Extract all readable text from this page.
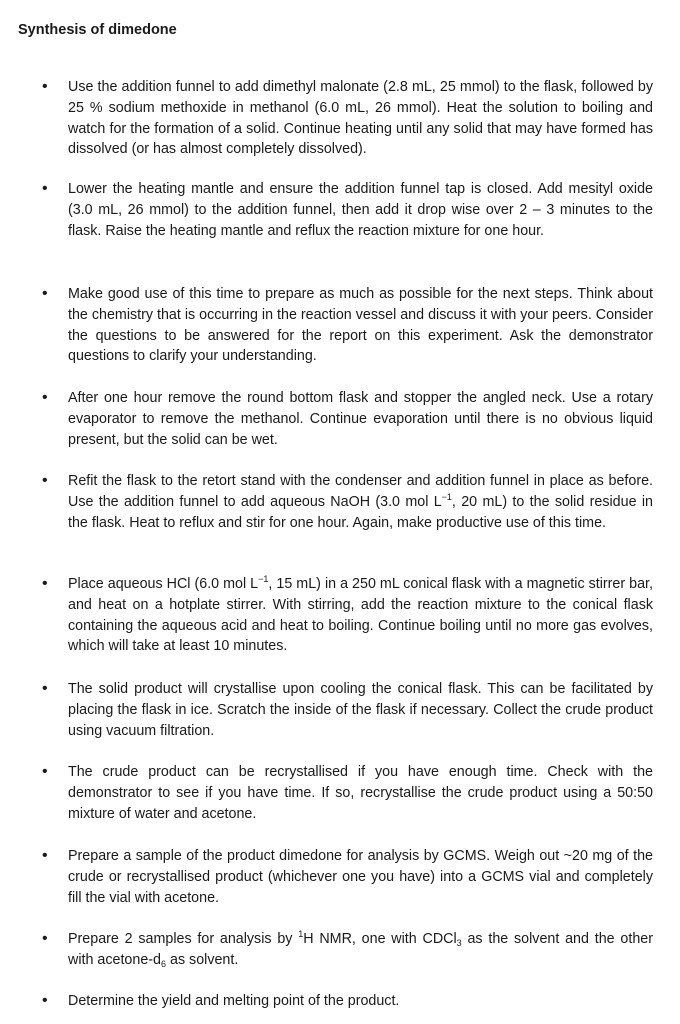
Synthesis of dimedone
• Use the addition funnel to add dimethyl malonate (2.8 mL, 25 mmol) to the flask, followed by 25 % sodium methoxide in methanol (6.0 mL, 26 mmol). Heat the solution to boiling and watch for the formation of a solid. Continue heating until any solid that may have formed has dissolved (or has almost completely dissolved).
• Lower the heating mantle and ensure the addition funnel tap is closed. Add mesityl oxide (3.0 mL, 26 mmol) to the addition funnel, then add it drop wise over 2 – 3 minutes to the flask. Raise the heating mantle and reflux the reaction mixture for one hour.
• Make good use of this time to prepare as much as possible for the next steps. Think about the chemistry that is occurring in the reaction vessel and discuss it with your peers. Consider the questions to be answered for the report on this experiment. Ask the demonstrator questions to clarify your understanding.
• After one hour remove the round bottom flask and stopper the angled neck. Use a rotary evaporator to remove the methanol. Continue evaporation until there is no obvious liquid present, but the solid can be wet.
• Refit the flask to the retort stand with the condenser and addition funnel in place as before. Use the addition funnel to add aqueous NaOH (3.0 mol $L^{-1}$, 20 mL) to the solid residue in the flask. Heat to reflux and stir for one hour. Again, make productive use of this time.
• Place aqueous HCl (6.0 mol $L^{-1}$, 15 mL) in a 250 mL conical flask with a magnetic stirrer bar, and heat on a hotplate stirrer. With stirring, add the reaction mixture to the conical flask containing the aqueous acid and heat to boiling. Continue boiling until no more gas evolves, which will take at least 10 minutes.
• The solid product will crystallise upon cooling the conical flask. This can be facilitated by placing the flask in ice. Scratch the inside of the flask if necessary. Collect the crude product using vacuum filtration.
• The crude product can be recrystallised if you have enough time. Check with the demonstrator to see if you have time. If so, recrystallise the crude product using a 50:50 mixture of water and acetone.
• Prepare a sample of the product dimedone for analysis by GCMS. Weigh out ~20 mg of the crude or recrystallised product (whichever one you have) into a GCMS vial and completely fill the vial with acetone.
• Prepare 2 samples for analysis by $^1$H NMR, one with CDCl$_3$ as the solvent and the other with acetone-$d_6$ as solvent.
• Determine the yield and melting point of the product.
